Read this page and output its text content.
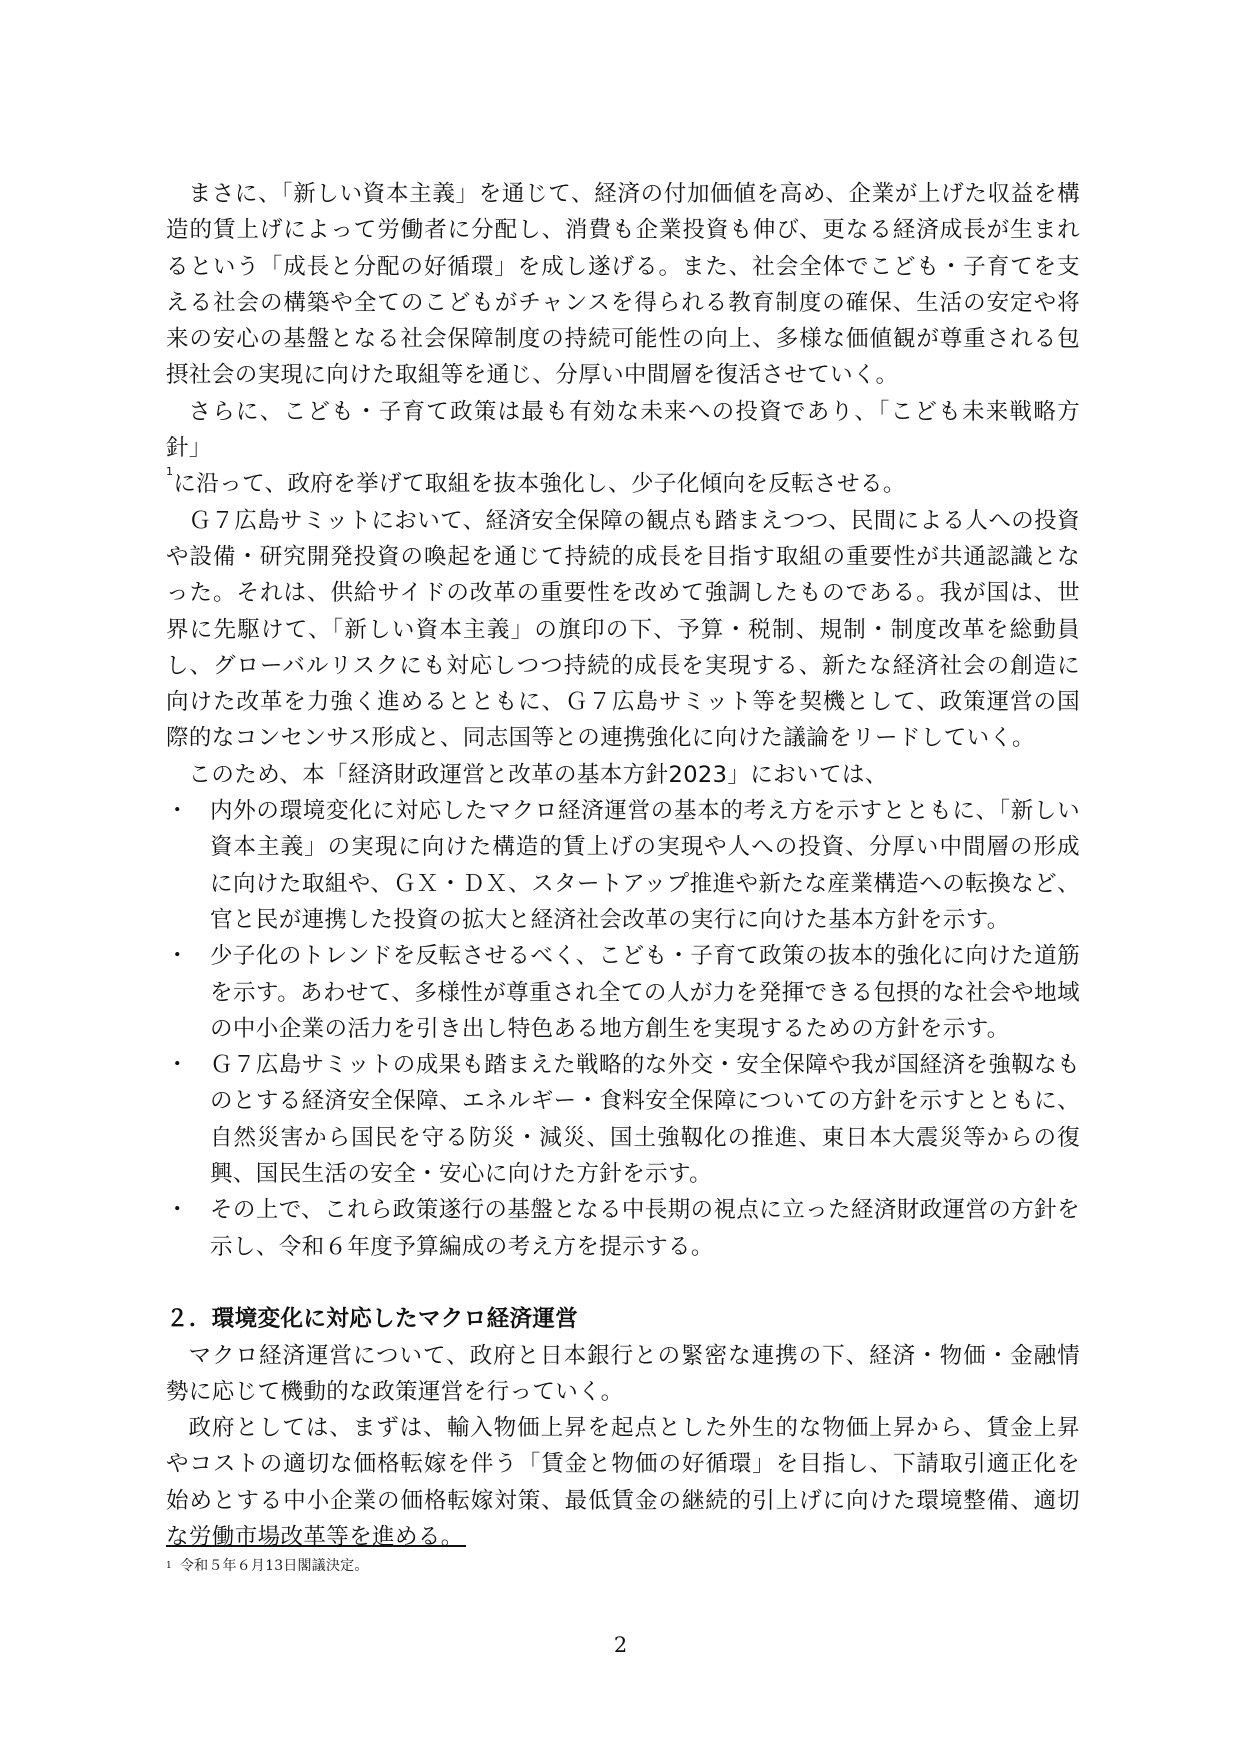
まさに、「新しい資本主義」を通じて、経済の付加価値を高め、企業が上げた収益を構造的賃上げによって労働者に分配し、消費も企業投資も伸び、更なる経済成長が生まれるという「成長と分配の好循環」を成し遂げる。また、社会全体でこども・子育てを支える社会の構築や全てのこどもがチャンスを得られる教育制度の確保、生活の安定や将来の安心の基盤となる社会保障制度の持続可能性の向上、多様な価値観が尊重される包摂社会の実現に向けた取組等を通じ、分厚い中間層を復活させていく。

さらに、こども・子育て政策は最も有効な未来への投資であり、「こども未来戦略方針」
$^1$に沿って、政府を挙げて取組を抜本強化し、少子化傾向を反転させる。

Ｇ７広島サミットにおいて、経済安全保障の観点も踏まえつつ、民間による人への投資や設備・研究開発投資の喚起を通じて持続的成長を目指す取組の重要性が共通認識となった。それは、供給サイドの改革の重要性を改めて強調したものである。我が国は、世界に先駆けて、「新しい資本主義」の旗印の下、予算・税制、規制・制度改革を総動員し、グローバルリスクにも対応しつつ持続的成長を実現する、新たな経済社会の創造に向けた改革を力強く進めるとともに、Ｇ７広島サミット等を契機として、政策運営の国際的なコンセンサス形成と、同志国等との連携強化に向けた議論をリードしていく。

このため、本「経済財政運営と改革の基本方針2023」においては、

・ 内外の環境変化に対応したマクロ経済運営の基本的考え方を示すとともに、「新しい資本主義」の実現に向けた構造的賃上げの実現や人への投資、分厚い中間層の形成に向けた取組や、ＧＸ・ＤＸ、スタートアップ推進や新たな産業構造への転換など、官と民が連携した投資の拡大と経済社会改革の実行に向けた基本方針を示す。
・ 少子化のトレンドを反転させるべく、こども・子育て政策の抜本的強化に向けた道筋を示す。あわせて、多様性が尊重され全ての人が力を発揮できる包摂的な社会や地域の中小企業の活力を引き出し特色ある地方創生を実現するための方針を示す。
・ Ｇ７広島サミットの成果も踏まえた戦略的な外交・安全保障や我が国経済を強靱なものとする経済安全保障、エネルギー・食料安全保障についての方針を示すとともに、自然災害から国民を守る防災・減災、国土強靱化の推進、東日本大震災等からの復興、国民生活の安全・安心に向けた方針を示す。
・ その上で、これら政策遂行の基盤となる中長期の視点に立った経済財政運営の方針を示し、令和６年度予算編成の考え方を提示する。

２．環境変化に対応したマクロ経済運営

マクロ経済運営について、政府と日本銀行との緊密な連携の下、経済・物価・金融情勢に応じて機動的な政策運営を行っていく。

政府としては、まずは、輸入物価上昇を起点とした外生的な物価上昇から、賃金上昇やコストの適切な価格転嫁を伴う「賃金と物価の好循環」を目指し、下請取引適正化を始めとする中小企業の価格転嫁対策、最低賃金の継続的引上げに向けた環境整備、適切な労働市場改革等を進める。

$^1$ 令和５年６月13日閣議決定。
2
